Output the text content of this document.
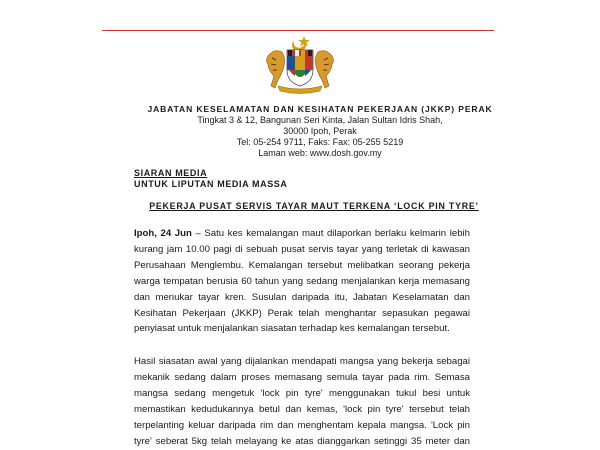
JABATAN KESELAMATAN DAN KESIHATAN PEKERJAAN (JKKP) PERAK
Tingkat 3 & 12, Bangunan Seri Kinta, Jalan Sultan Idris Shah,
30000 Ipoh, Perak
Tel: 05-254 9711, Faks: Fax: 05-255 5219
Laman web: www.dosh.gov.my
SIARAN MEDIA
UNTUK LIPUTAN MEDIA MASSA
PEKERJA PUSAT SERVIS TAYAR MAUT TERKENA ‘LOCK PIN TYRE’
Ipoh, 24 Jun – Satu kes kemalangan maut dilaporkan berlaku kelmarin lebih
kurang jam 10.00 pagi di sebuah pusat servis tayar yang terletak di kawasan
Perusahaan Menglembu. Kemalangan tersebut melibatkan seorang pekerja
warga tempatan berusia 60 tahun yang sedang menjalankan kerja memasang
dan menukar tayar kren. Susulan daripada itu, Jabatan Keselamatan dan
Kesihatan Pekerjaan (JKKP) Perak telah menghantar sepasukan pegawai
penyiasat untuk menjalankan siasatan terhadap kes kemalangan tersebut.
Hasil siasatan awal yang dijalankan mendapati mangsa yang bekerja sebagai
mekanik sedang dalam proses memasang semula tayar pada rim. Semasa
mangsa sedang mengetuk 'lock pin tyre' menggunakan tukul besi untuk
memastikan kedudukannya betul dan kemas, 'lock pin tyre' tersebut telah
terpelanting keluar daripada rim dan menghentam kepala mangsa. 'Lock pin
tyre' seberat 5kg telah melayang ke atas dianggarkan setinggi 35 meter dan
